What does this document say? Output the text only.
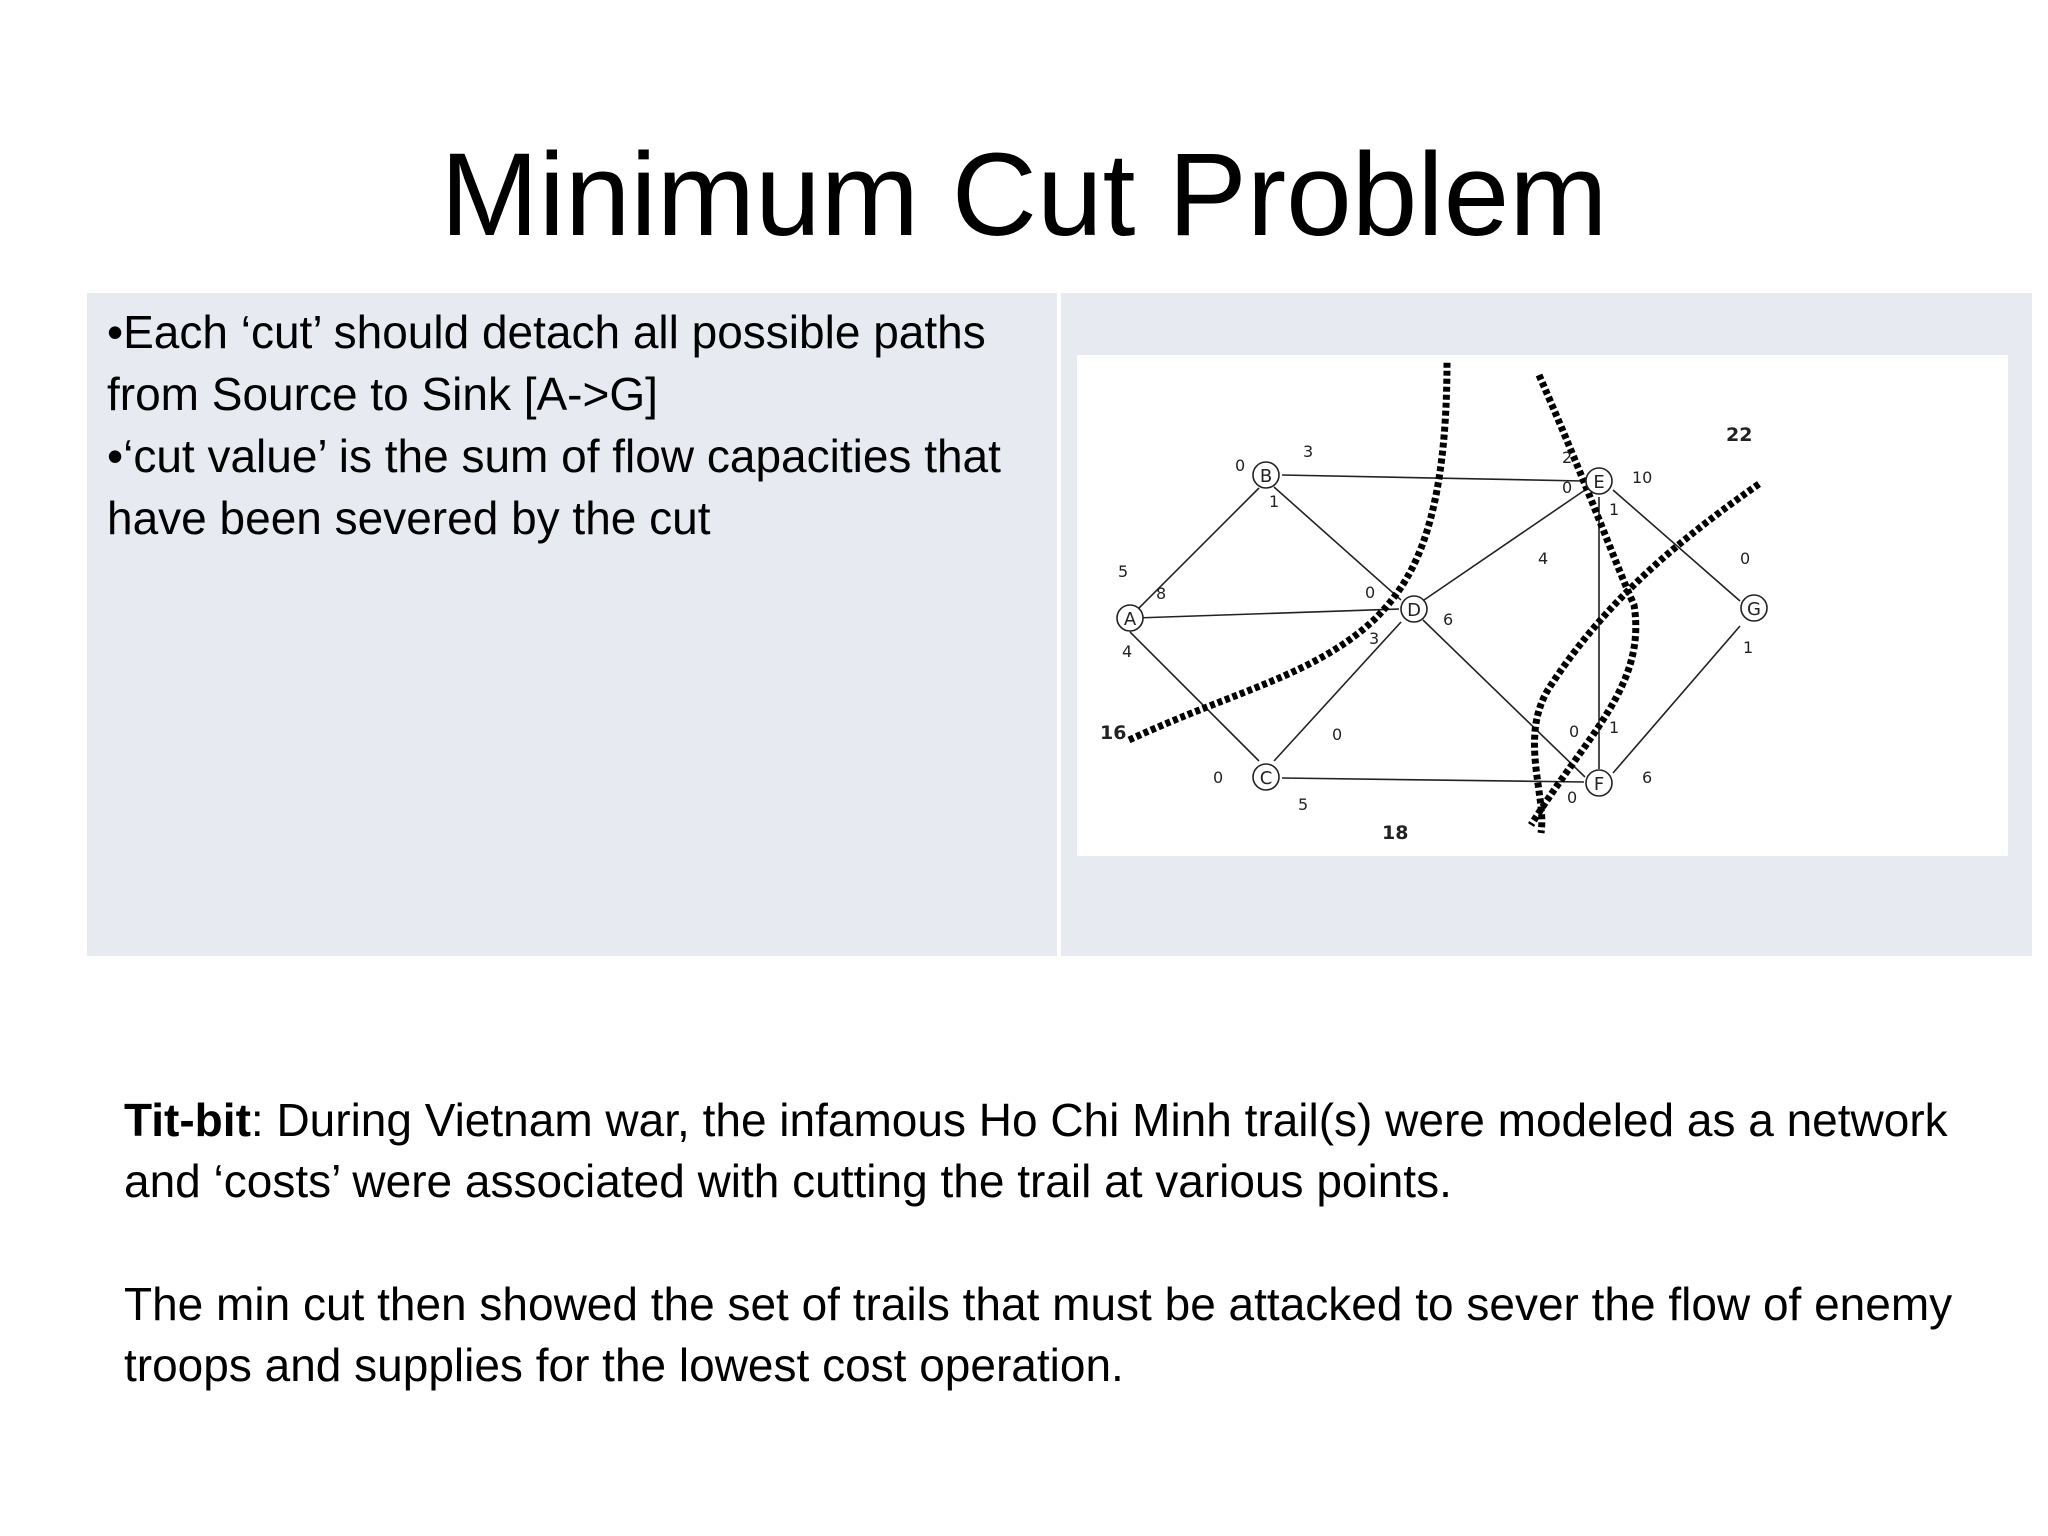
Minimum Cut Problem
•Each ‘cut’ should detach all possible paths from Source to Sink [A->G]
•‘cut value’ is the sum of flow capacities that have been severed by the cut
A
B
C
D
E
F
G
5
0
8	0
4
0
3	2
1
4
0
3
5	0
0
6
0
1
1
10
0
6
1
16
18
22

Tit-bit: During Vietnam war, the infamous Ho Chi Minh trail(s) were modeled as a network and ‘costs’ were associated with cutting the trail at various points.

The min cut then showed the set of trails that must be attacked to sever the flow of enemy troops and supplies for the lowest cost operation.
